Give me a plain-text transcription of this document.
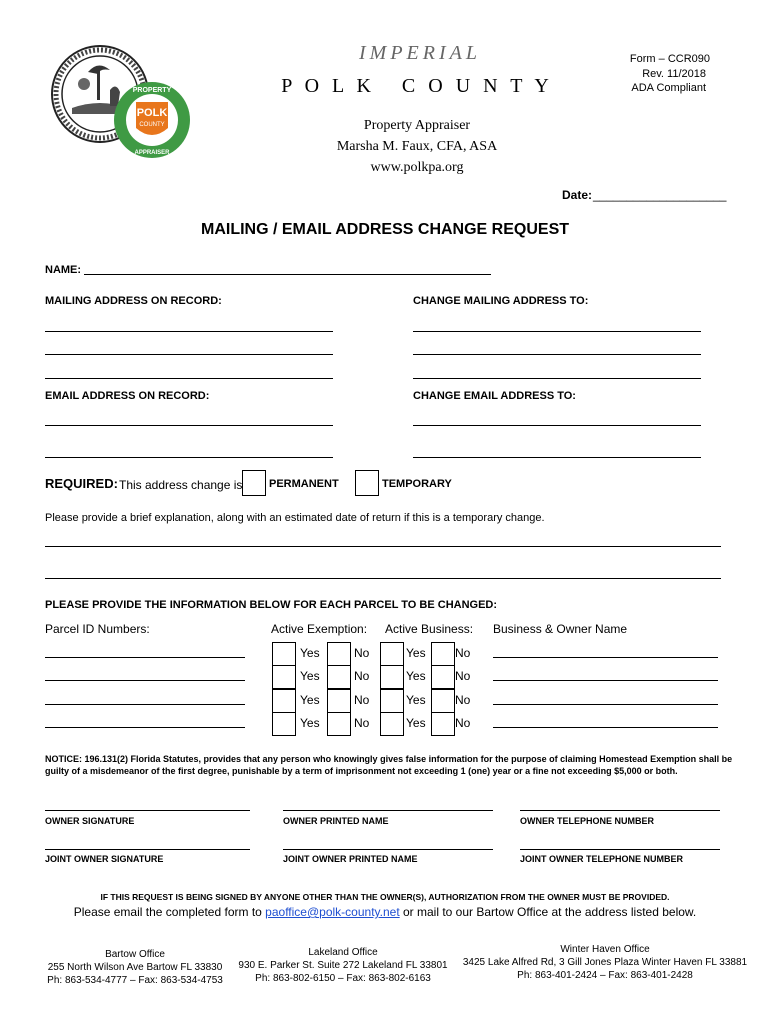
POLK
COUNTY
PROPERTY
APPRAISER
IMPERIAL
P O L K   C O U N T Y
Form – CCR090
Rev. 11/2018
ADA Compliant
Property Appraiser
Marsha M. Faux, CFA, ASA
www.polkpa.org
Date: ____________________
MAILING / EMAIL ADDRESS CHANGE REQUEST
NAME:
MAILING ADDRESS ON RECORD:	CHANGE MAILING ADDRESS TO:
EMAIL ADDRESS ON RECORD:	CHANGE EMAIL ADDRESS TO:
REQUIRED: This address change is PERMANENT	TEMPORARY
Please provide a brief explanation, along with an estimated date of return if this is a temporary change.
PLEASE PROVIDE THE INFORMATION BELOW FOR EACH PARCEL TO BE CHANGED:
Parcel ID Numbers:	Active Exemption: Active Business: Business & Owner Name
Yes	No	Yes No
Yes	No	Yes No
Yes	No	Yes No
Yes	No	Yes No
NOTICE: 196.131(2) Florida Statutes, provides that any person who knowingly gives false information for the purpose of claiming Homestead Exemption shall be guilty of a misdemeanor of the first degree, punishable by a term of imprisonment not exceeding 1 (one) year or a fine not exceeding $5,000 or both.
OWNER SIGNATURE	OWNER PRINTED NAME	OWNER TELEPHONE NUMBER
JOINT OWNER SIGNATURE	JOINT OWNER PRINTED NAME	JOINT OWNER TELEPHONE NUMBER
IF THIS REQUEST IS BEING SIGNED BY ANYONE OTHER THAN THE OWNER(S), AUTHORIZATION FROM THE OWNER MUST BE PROVIDED.
Please email the completed form to paoffice@polk-county.net or mail to our Bartow Office at the address listed below.
Bartow Office
255 North Wilson Ave Bartow FL 33830
Ph: 863-534-4777 – Fax: 863-534-4753
Lakeland Office
930 E. Parker St. Suite 272 Lakeland FL 33801
Ph: 863-802-6150 – Fax: 863-802-6163
Winter Haven Office
3425 Lake Alfred Rd, 3 Gill Jones Plaza Winter Haven FL 33881
Ph: 863-401-2424 – Fax: 863-401-2428
